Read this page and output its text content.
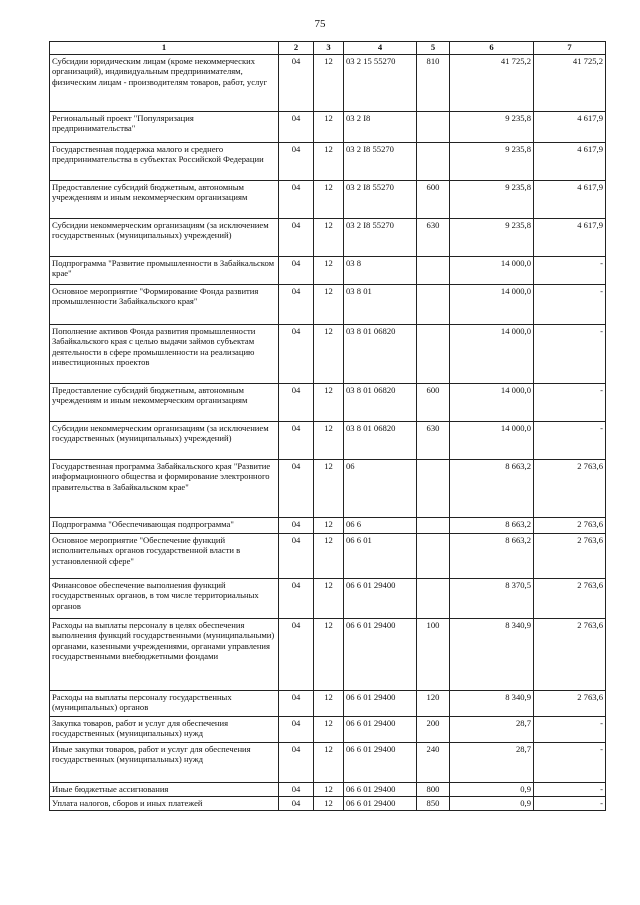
75
1	2	3	4	5	6	7
Субсидии юридическим лицам (кроме некоммерческих организаций), индивидуальным предпринимателям, физическим лицам - производителям товаров, работ, услуг	04	12	03 2 15 55270	810	41 725,2	41 725,2
Региональный проект "Популяризация предпринимательства"	04	12	03 2 I8		9 235,8	4 617,9
Государственная поддержка малого и среднего предпринимательства в субъектах Российской Федерации	04	12	03 2 I8 55270		9 235,8	4 617,9
Предоставление субсидий бюджетным, автономным учреждениям и иным некоммерческим организациям	04	12	03 2 I8 55270	600	9 235,8	4 617,9
Субсидии некоммерческим организациям (за исключением государственных (муниципальных) учреждений)	04	12	03 2 I8 55270	630	9 235,8	4 617,9
Подпрограмма "Развитие промышленности в Забайкальском крае"	04	12	03 8		14 000,0	-
Основное мероприятие "Формирование Фонда развития промышленности Забайкальского края"	04	12	03 8 01		14 000,0	-
Пополнение активов Фонда развития промышленности Забайкальского края с целью выдачи займов субъектам деятельности в сфере промышленности на реализацию инвестиционных проектов	04	12	03 8 01 06820		14 000,0	-
Предоставление субсидий бюджетным, автономным учреждениям и иным некоммерческим организациям	04	12	03 8 01 06820	600	14 000,0	-
Субсидии некоммерческим организациям (за исключением государственных (муниципальных) учреждений)	04	12	03 8 01 06820	630	14 000,0	-
Государственная программа Забайкальского края "Развитие информационного общества и формирование электронного правительства в Забайкальском крае"	04	12	06		8 663,2	2 763,6
Подпрограмма "Обеспечивающая подпрограмма"	04	12	06 6		8 663,2	2 763,6
Основное мероприятие "Обеспечение функций исполнительных органов государственной власти в установленной сфере"	04	12	06 6 01		8 663,2	2 763,6
Финансовое обеспечение выполнения функций государственных органов, в том числе территориальных органов	04	12	06 6 01 29400		8 370,5	2 763,6
Расходы на выплаты персоналу в целях обеспечения выполнения функций государственными (муниципальными) органами, казенными учреждениями, органами управления государственными внебюджетными фондами	04	12	06 6 01 29400	100	8 340,9	2 763,6
Расходы на выплаты персоналу государственных (муниципальных) органов	04	12	06 6 01 29400	120	8 340,9	2 763,6
Закупка товаров, работ и услуг для обеспечения государственных (муниципальных) нужд	04	12	06 6 01 29400	200	28,7	-
Иные закупки товаров, работ и услуг для обеспечения государственных (муниципальных) нужд	04	12	06 6 01 29400	240	28,7	-
Иные бюджетные ассигнования	04	12	06 6 01 29400	800	0,9	-
Уплата налогов, сборов и иных платежей	04	12	06 6 01 29400	850	0,9	-
